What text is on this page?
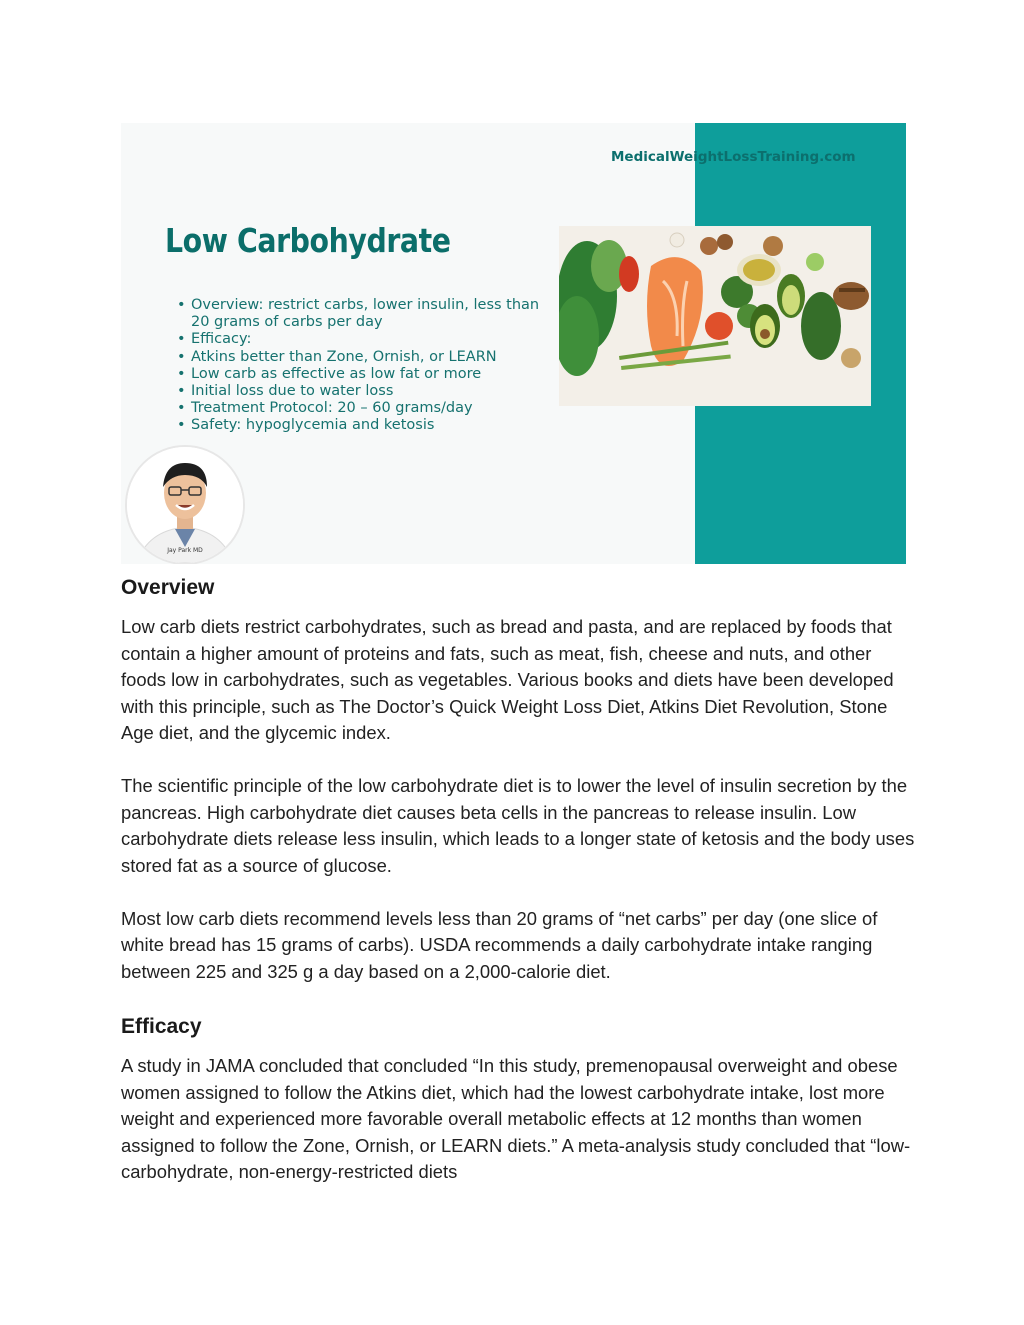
MedicalWeightLossTraining.com
Low Carbohydrate
• Overview: restrict carbs, lower insulin, less than 20 grams of carbs per day
• Efficacy:
• Atkins better than Zone, Ornish, or LEARN
• Low carb as effective as low fat or more
• Initial loss due to water loss
• Treatment Protocol: 20 – 60 grams/day
• Safety: hypoglycemia and ketosis
Jay Park MD
Overview

Low carb diets restrict carbohydrates, such as bread and pasta, and are replaced by foods that contain a higher amount of proteins and fats, such as meat, fish, cheese and nuts, and other foods low in carbohydrates, such as vegetables. Various books and diets have been developed with this principle, such as The Doctor’s Quick Weight Loss Diet, Atkins Diet Revolution, Stone Age diet, and the glycemic index.

The scientific principle of the low carbohydrate diet is to lower the level of insulin secretion by the pancreas. High carbohydrate diet causes beta cells in the pancreas to release insulin. Low carbohydrate diets release less insulin, which leads to a longer state of ketosis and the body uses stored fat as a source of glucose.

Most low carb diets recommend levels less than 20 grams of “net carbs” per day (one slice of white bread has 15 grams of carbs). USDA recommends a daily carbohydrate intake ranging between 225 and 325 g a day based on a 2,000-calorie diet.

Efficacy

A study in JAMA concluded that concluded “In this study, premenopausal overweight and obese women assigned to follow the Atkins diet, which had the lowest carbohydrate intake, lost more weight and experienced more favorable overall metabolic effects at 12 months than women assigned to follow the Zone, Ornish, or LEARN diets.” A meta-analysis study concluded that “low-carbohydrate, non-energy-restricted diets
